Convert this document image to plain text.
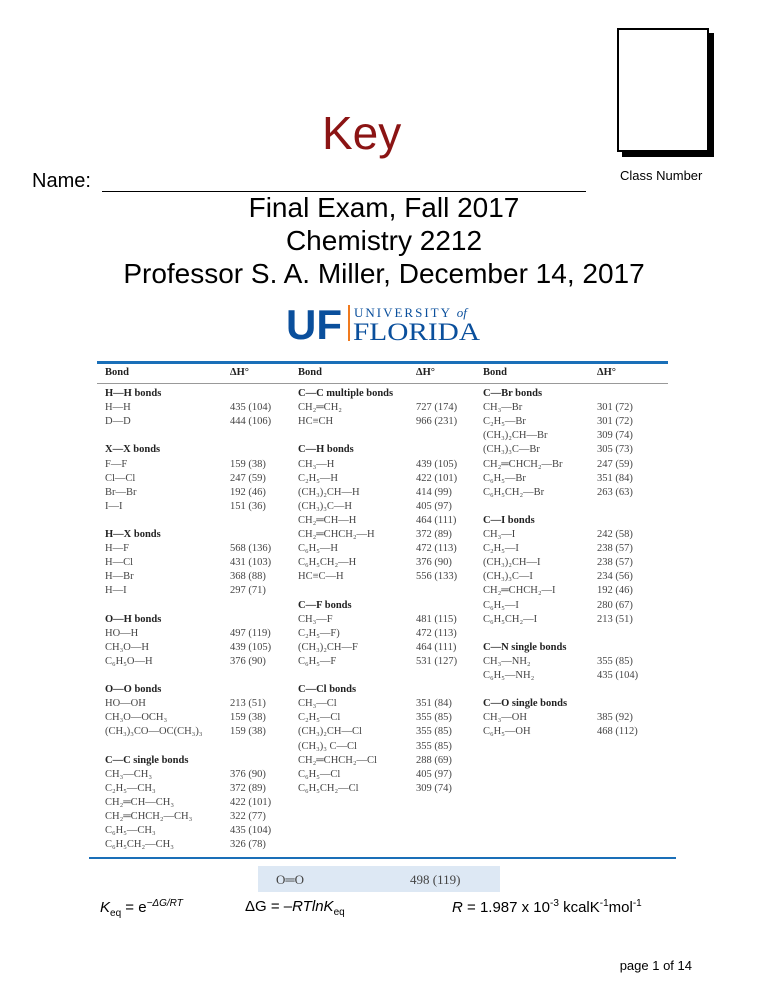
Key
Name:	Class Number
Final Exam, Fall 2017
Chemistry 2212
Professor S. A. Miller, December 14, 2017
UF UNIVERSITY of
FLORIDA
Bond	ΔH°	Bond	ΔH°	Bond	ΔH°
H—H bonds
H—H	435 (104)
D—D	444 (106)
X—X bonds
F—F	159 (38)
Cl—Cl	247 (59)
Br—Br	192 (46)
I—I	151 (36)
H—X bonds
H—F	568 (136)
H—Cl	431 (103)
H—Br	368 (88)
H—I	297 (71)
O—H bonds
HO—H	497 (119)
CH₃O—H	439 (105)
C₆H₅O—H	376 (90)
O—O bonds
HO—OH	213 (51)
CH₃O—OCH₃	159 (38)
(CH₃)₃CO—OC(CH₃)₃	159 (38)
C—C single bonds
CH₃—CH₃	376 (90)
C₂H₅—CH₃	372 (89)
CH₂═CH—CH₃	422 (101)
CH₂═CHCH₂—CH₃	322 (77)
C₆H₅—CH₃	435 (104)
C₆H₅CH₂—CH₃	326 (78)
C—C multiple bonds
CH₂═CH₂	727 (174)
HC≡CH	966 (231)
C—H bonds
CH₃—H	439 (105)
C₂H₅—H	422 (101)
(CH₃)₂CH—H	414 (99)
(CH₃)₃C—H	405 (97)
CH₂═CH—H	464 (111)
CH₂═CHCH₂—H	372 (89)
C₆H₅—H	472 (113)
C₆H₅CH₂—H	376 (90)
HC≡C—H	556 (133)
C—F bonds
CH₃—F	481 (115)
C₂H₅—F)	472 (113)
(CH₃)₂CH—F	464 (111)
C₆H₅—F	531 (127)
C—Cl bonds
CH₃—Cl	351 (84)
C₂H₅—Cl	355 (85)
(CH₃)₂CH—Cl	355 (85)
(CH₃)₃ C—Cl	355 (85)
CH₂═CHCH₂—Cl	288 (69)
C₆H₅—Cl	405 (97)
C₆H₅CH₂—Cl	309 (74)
C—Br bonds
CH₃—Br	301 (72)
C₂H₅—Br	301 (72)
(CH₃)₂CH—Br	309 (74)
(CH₃)₃C—Br	305 (73)
CH₂═CHCH₂—Br	247 (59)
C₆H₅—Br	351 (84)
C₆H₅CH₂—Br	263 (63)
C—I bonds
CH₃—I	242 (58)
C₂H₅—I	238 (57)
(CH₃)₂CH—I	238 (57)
(CH₃)₃C—I	234 (56)
CH₂═CHCH₂—I	192 (46)
C₆H₅—I	280 (67)
C₆H₅CH₂—I	213 (51)
C—N single bonds
CH₃—NH₂	355 (85)
C₆H₅—NH₂	435 (104)
C—O single bonds
CH₃—OH	385 (92)
C₆H₅—OH	468 (112)
O═O	498 (119)
$K_{eq} = e^{-\Delta G/RT}$	ΔG = –RTlnK$_{eq}$	R = 1.987 x $10^{-3}$ kcalK$^{-1}$mol$^{-1}$
page 1 of 14
